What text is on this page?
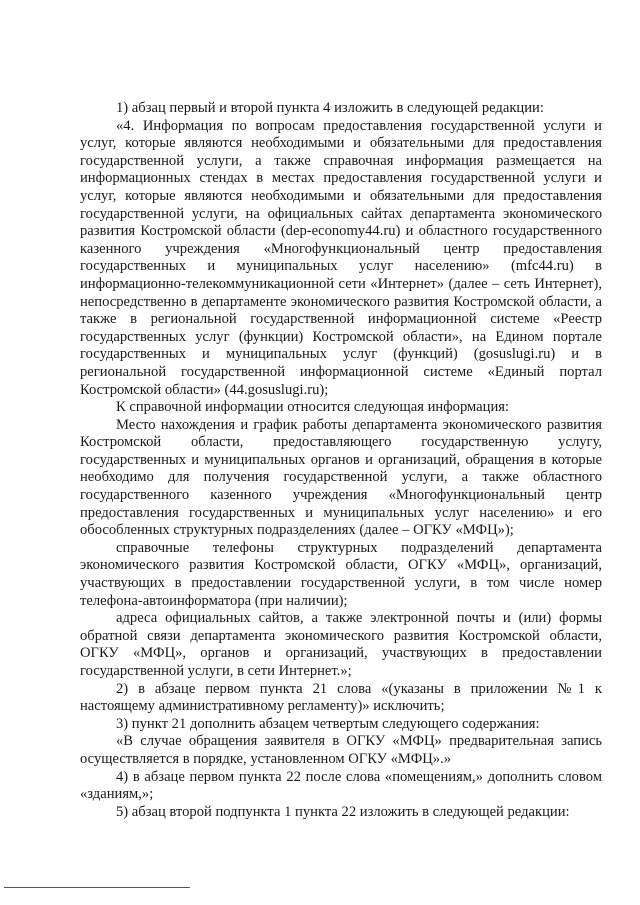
1) абзац первый и второй пункта 4 изложить в следующей редакции:

«4. Информация по вопросам предоставления государственной услуги и услуг, которые являются необходимыми и обязательными для предоставления государственной услуги, а также справочная информация размещается на информационных стендах в местах предоставления государственной услуги и услуг, которые являются необходимыми и обязательными для предоставления государственной услуги, на официальных сайтах департамента экономического развития Костромской области (dep-economy44.ru) и областного государственного казенного учреждения «Многофункциональный центр предоставления государственных и муниципальных услуг населению» (mfc44.ru) в информационно-телекоммуникационной сети «Интернет» (далее – сеть Интернет), непосредственно в департаменте экономического развития Костромской области, а также в региональной государственной информационной системе «Реестр государственных услуг (функции) Костромской области», на Едином портале государственных и муниципальных услуг (функций) (gosuslugi.ru) и в региональной государственной информационной системе «Единый портал Костромской области» (44.gosuslugi.ru);

К справочной информации относится следующая информация:

Место нахождения и график работы департамента экономического развития Костромской области, предоставляющего государственную услугу, государственных и муниципальных органов и организаций, обращения в которые необходимо для получения государственной услуги, а также областного государственного казенного учреждения «Многофункциональный центр предоставления государственных и муниципальных услуг населению» и его обособленных структурных подразделениях (далее – ОГКУ «МФЦ»);

справочные телефоны структурных подразделений департамента экономического развития Костромской области, ОГКУ «МФЦ», организаций, участвующих в предоставлении государственной услуги, в том числе номер телефона-автоинформатора (при наличии);

адреса официальных сайтов, а также электронной почты и (или) формы обратной связи департамента экономического развития Костромской области, ОГКУ «МФЦ», органов и организаций, участвующих в предоставлении государственной услуги, в сети Интернет.»;

2) в абзаце первом пункта 21 слова «(указаны в приложении №1 к настоящему административному регламенту)» исключить;

3) пункт 21 дополнить абзацем четвертым следующего содержания:

«В случае обращения заявителя в ОГКУ «МФЦ» предварительная запись осуществляется в порядке, установленном ОГКУ «МФЦ».»

4) в абзаце первом пункта 22 после слова «помещениям,» дополнить словом «зданиям,»;

5) абзац второй подпункта 1 пункта 22 изложить в следующей редакции:
